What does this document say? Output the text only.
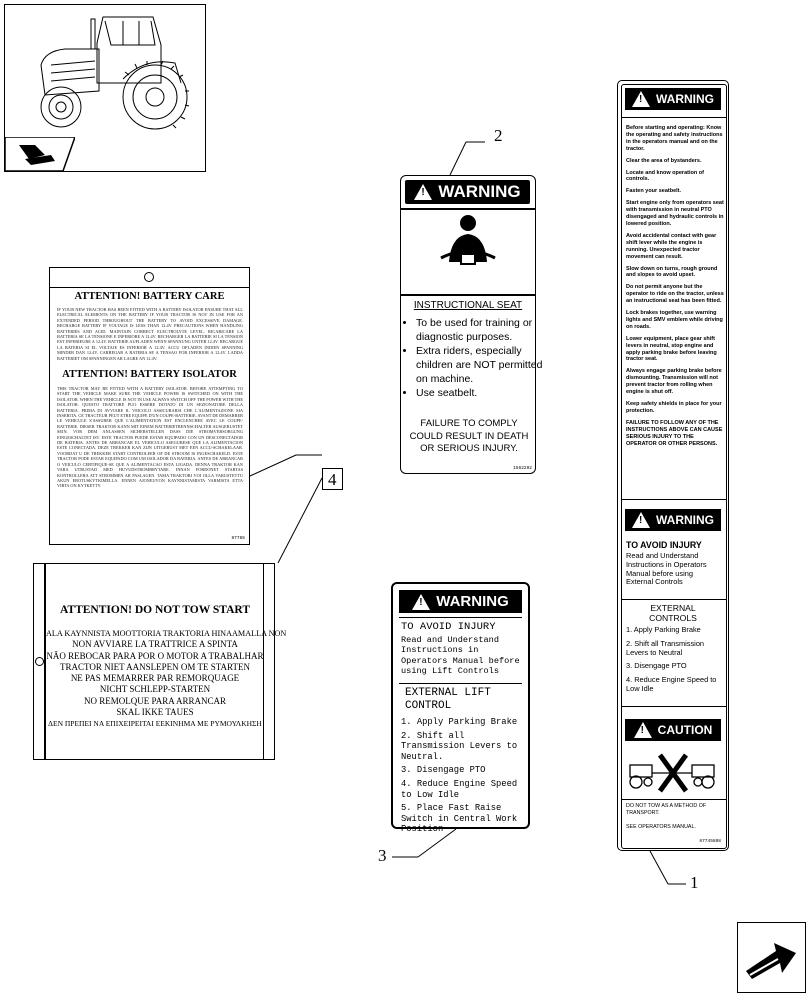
ATTENTION! BATTERY CARE
IF YOUR NEW TRACTOR HAS BEEN FITTED WITH A BATTERY ISOLATOR ENSURE THAT ALL ELECTRICAL ELEMENTS ON THE BATTERY IF YOUR TRACTOR IS NOT IN USE FOR AN EXTENDED PERIOD THROUGHOUT THE BATTERY TO AVOID EXCESSIVE DAMAGE. RECHARGE BATTERY IF VOLTAGE IS LESS THAN 12.4V. PRECAUTIONS WHEN HANDLING BATTERIES AND ACID. MAINTAIN CORRECT ELECTROLYTE LEVEL. RICARICARE LA BATTERIA SE LA TENSIONE E INFERIORE A 12.4V. RECHARGER LA BATTERIE SI LA TENSION EST INFERIEURE A 12.4V. BATTERIE AUFLADEN WENN SPANNUNG UNTER 12.4V. RECARGUE LA BATERIA SI EL VOLTAJE ES INFERIOR A 12.4V. ACCU OPLADEN INDIEN SPANNING MINDER DAN 12.4V. CARREGAR A BATERIA SE A TENSAO FOR INFERIOR A 12.4V. LADDA BATTERIET OM SPANNINGEN AR LAGRE AN 12.4V.
ATTENTION! BATTERY ISOLATOR
THIS TRACTOR MAY BE FITTED WITH A BATTERY ISOLATOR. BEFORE ATTEMPTING TO START THE VEHICLE MAKE SURE THE VEHICLE POWER IS SWITCHED ON WITH THE ISOLATOR. WHEN THE VEHICLE IS NOT IN USE ALWAYS SWITCH OFF THE POWER WITH THE ISOLATOR. QUESTO TRATTORE PUO ESSERE DOTATO DI UN SEZIONATORE DELLA BATTERIA. PRIMA DI AVVIARE IL VEICOLO ASSICURARSI CHE L'ALIMENTAZIONE SIA INSERITA. CE TRACTEUR PEUT ETRE EQUIPE D'UN COUPE-BATTERIE. AVANT DE DEMARRER LE VEHICULE S'ASSURER QUE L'ALIMENTATION EST ENCLENCHEE AVEC LE COUPE-BATTERIE. DIESER TRAKTOR KANN MIT EINEM BATTERIETRENNSCHALTER AUSGERUSTET SEIN. VOR DEM ANLASSEN SICHERSTELLEN DASS DIE STROMVERSORGUNG EINGESCHALTET IST. ESTE TRACTOR PUEDE ESTAR EQUIPADO CON UN DESCONECTADOR DE BATERIA. ANTES DE ARRANCAR EL VEHICULO ASEGURESE QUE LA ALIMENTACION ESTE CONECTADA. DEZE TREKKER KAN ZIJN UITGERUST MET EEN ACCU-SCHAKELAAR. VOORDAT U DE TREKKER START CONTROLEER OF DE STROOM IS INGESCHAKELD. ESTE TRACTOR PODE ESTAR EQUIPADO COM UM ISOLADOR DA BATERIA. ANTES DE ARRANCAR O VEICULO CERTIFIQUE-SE QUE A ALIMENTACAO ESTA LIGADA. DENNA TRAKTOR KAN VARA UTRUSTAD MED HUVUDSTROMBRYTARE. INNAN FORDONET STARTAS KONTROLLERA ATT STROMMEN AR PASLAGEN. TAMA TRAKTORI VOI OLLA VARUSTETTU AKUN EROTUSKYTKIMELLA. ENNEN AJONEUVON KAYNNISTAMISTA VARMISTA ETTA VIRTA ON KYTKETTY.
87765
ATTENTION! DO NOT TOW START
ALA KAYNNISTA MOOTTORIA TRAKTORIA HINAAMALLA NON
NON AVVIARE LA TRATTRICE A SPINTA
NÃO REBOCAR PARA POR O MOTOR A TRABALHAR
TRACTOR NIET AANSLEPEN OM TE STARTEN
NE PAS MEMARRER PAR REMORQUAGE
NICHT SCHLEPP-STARTEN
NO REMOLQUE PARA ARRANCAR
SKAL IKKE TAUES
ΔΕΝ ΠΡΕΠΕΙ ΝΑ ΕΠΙΧΕΙΡΕΙΤΑΙ ΕΕΚΙΝΗΜΑ ΜΕ ΡΥΜΟΥΛΚΗΣΗ
!
WARNING
INSTRUCTIONAL SEAT
• To be used for training or diagnostic purposes.
• Extra riders, especially children are NOT permitted on machine.
• Use seatbelt.
FAILURE TO COMPLY COULD RESULT IN DEATH OR SERIOUS INJURY.
1562292
!
WARNING
TO AVOID INJURY
Read and Understand Instructions in Operators Manual before using Lift Controls
EXTERNAL LIFT CONTROL
1. Apply Parking Brake
2. Shift all Transmission Levers to Neutral.
3. Disengage PTO
4. Reduce Engine Speed to Low Idle
5. Place Fast Raise Switch in Central Work Position
!
WARNING
Before starting and operating: Know the operating and safety instructions in the operators manual and on the tractor.
Clear the area of bystanders.
Locate and know operation of controls.
Fasten your seatbelt.
Start engine only from operators seat with transmission in neutral PTO disengaged and hydraulic controls in lowered position.
Avoid accidental contact with gear shift lever while the engine is running. Unexpected tractor movement can result.
Slow down on turns, rough ground and slopes to avoid upset.
Do not permit anyone but the operator to ride on the tractor, unless an instructional seat has been fitted.
Lock brakes together, use warning lights and SMV emblem while driving on roads.
Lower equipment, place gear shift levers in neutral, stop engine and apply parking brake before leaving tractor seat.
Always engage parking brake before dismounting. Transmission will not prevent tractor from rolling when engine is shut off.
Keep safety shields in place for your protection.
FAILURE TO FOLLOW ANY OF THE INSTRUCTIONS ABOVE CAN CAUSE SERIOUS INJURY TO THE OPERATOR OR OTHER PERSONS.
!
WARNING
TO AVOID INJURY
Read and Understand Instructions in Operators Manual before using External Controls
EXTERNAL CONTROLS
1. Apply Parking Brake
2. Shift all Transmission Levers to Neutral
3. Disengage PTO
4. Reduce Engine Speed to Low Idle
!
CAUTION
DO NOT TOW AS A METHOD OF TRANSPORT.
SEE OPERATORS MANUAL.
87745808
2
4
3
1
